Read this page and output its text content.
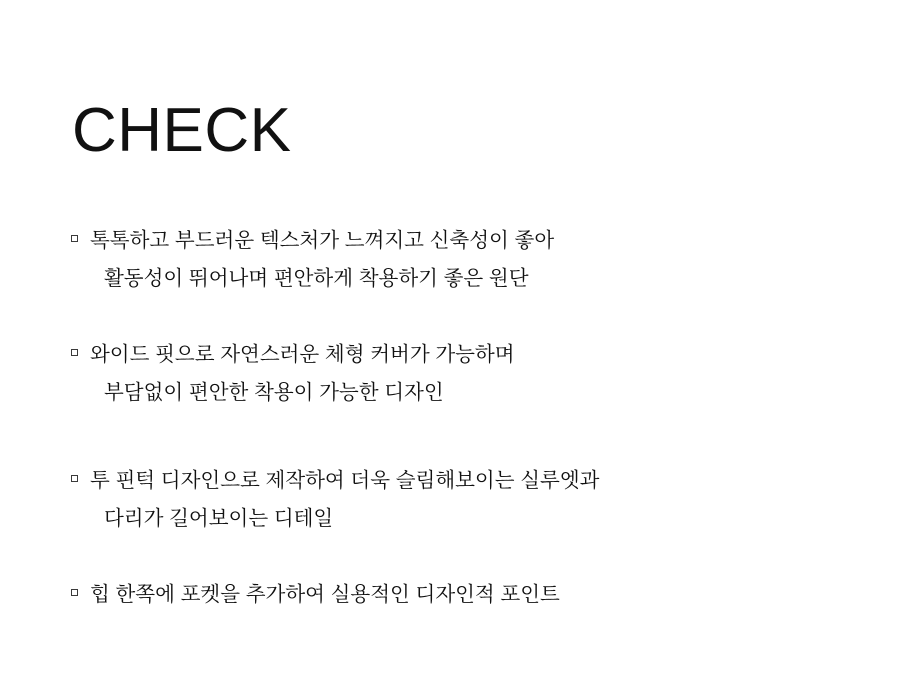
CHECK
톡톡하고 부드러운 텍스처가 느껴지고 신축성이 좋아
활동성이 뛰어나며 편안하게 착용하기 좋은 원단
와이드 핏으로 자연스러운 체형 커버가 가능하며
부담없이 편안한 착용이 가능한 디자인
투 핀턱 디자인으로 제작하여 더욱 슬림해보이는 실루엣과
다리가 길어보이는 디테일
힙 한쪽에 포켓을 추가하여 실용적인 디자인적 포인트
